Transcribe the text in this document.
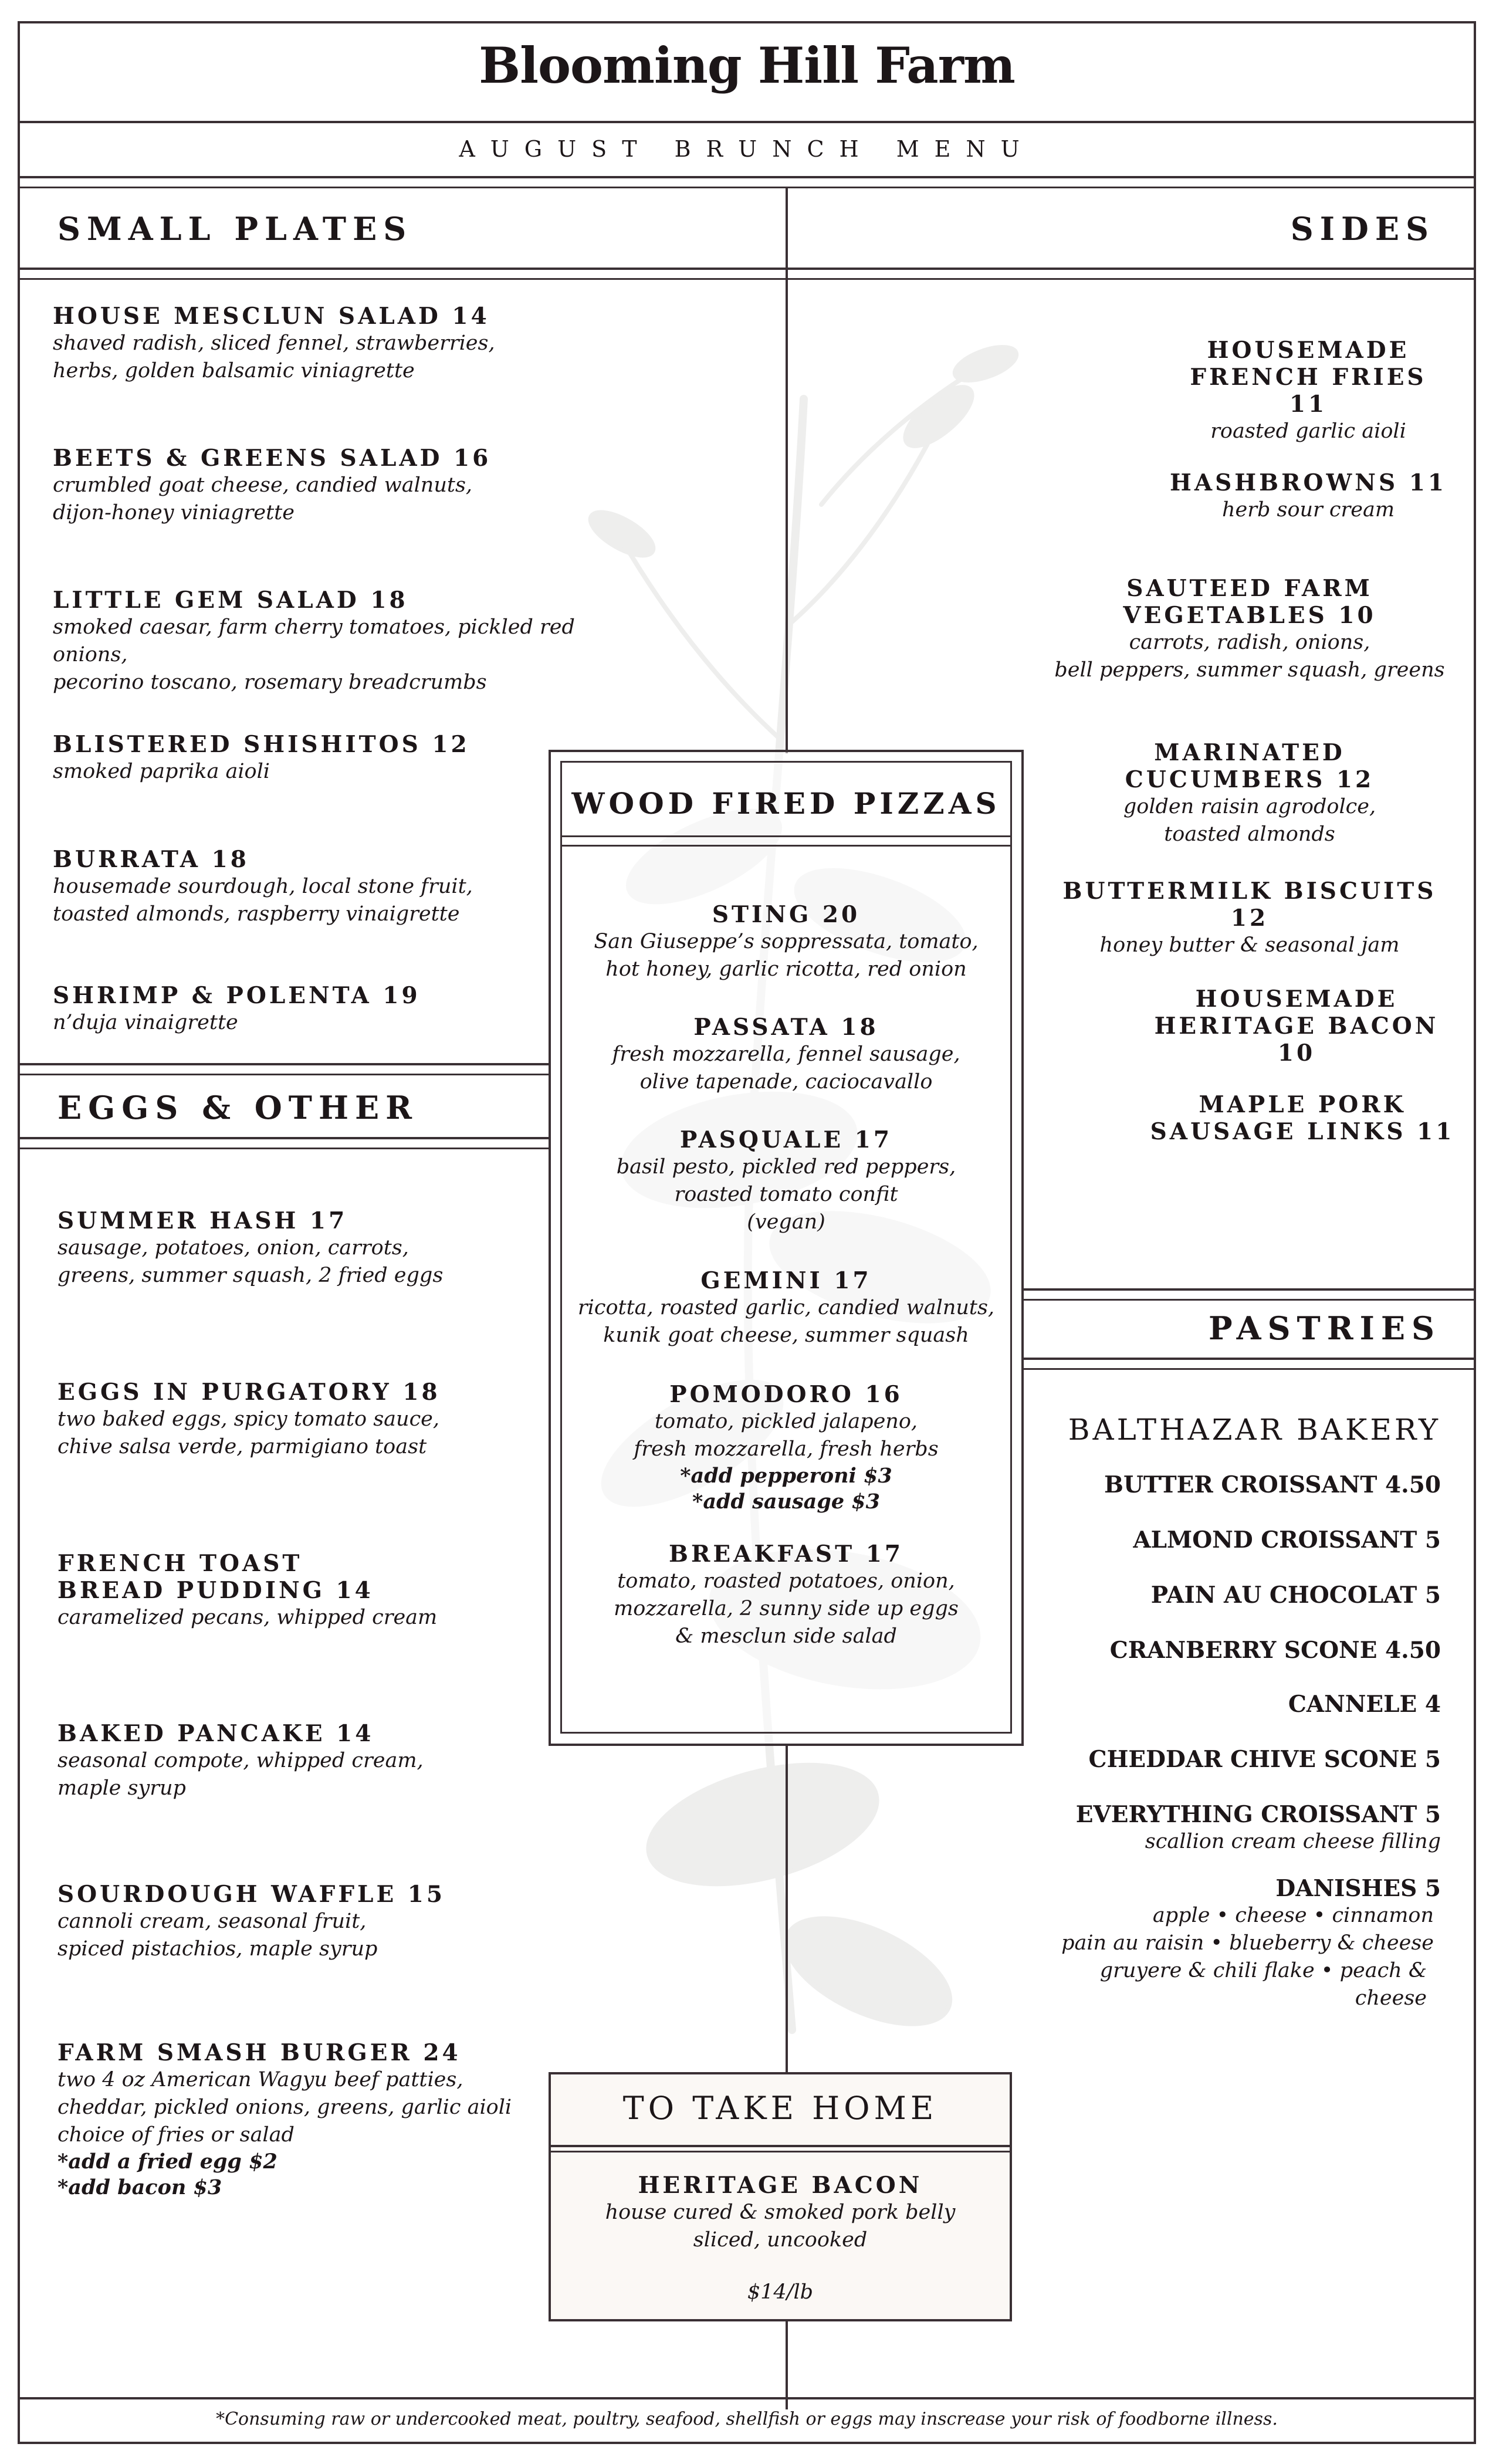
Blooming Hill Farm
AUGUST BRUNCH MENU
SMALL PLATES
HOUSE MESCLUN SALAD 14
shaved radish, sliced fennel, strawberries,
herbs, golden balsamic viniagrette
BEETS & GREENS SALAD 16
crumbled goat cheese, candied walnuts,
dijon-honey viniagrette
LITTLE GEM SALAD 18
smoked caesar, farm cherry tomatoes, pickled red onions,
pecorino toscano, rosemary breadcrumbs
BLISTERED SHISHITOS 12
smoked paprika aioli
BURRATA 18
housemade sourdough, local stone fruit,
toasted almonds, raspberry vinaigrette
SHRIMP & POLENTA 19
n’duja vinaigrette
EGGS & OTHER
SUMMER HASH 17
sausage, potatoes, onion, carrots,
greens, summer squash, 2 fried eggs
EGGS IN PURGATORY 18
two baked eggs, spicy tomato sauce,
chive salsa verde, parmigiano toast
FRENCH TOAST
BREAD PUDDING 14
caramelized pecans, whipped cream
BAKED PANCAKE 14
seasonal compote, whipped cream,
maple syrup
SOURDOUGH WAFFLE 15
cannoli cream, seasonal fruit,
spiced pistachios, maple syrup
FARM SMASH BURGER 24
two 4 oz American Wagyu beef patties,
cheddar, pickled onions, greens, garlic aioli
choice of fries or salad
*add a fried egg $2
*add bacon $3
SIDES
HOUSEMADE
FRENCH FRIES 11
roasted garlic aioli
HASHBROWNS 11
herb sour cream
SAUTEED FARM
VEGETABLES 10
carrots, radish, onions,
bell peppers, summer squash, greens
MARINATED CUCUMBERS 12
golden raisin agrodolce,
toasted almonds
BUTTERMILK BISCUITS 12
honey butter & seasonal jam
HOUSEMADE
HERITAGE BACON 10
MAPLE PORK
SAUSAGE LINKS 11
WOOD FIRED PIZZAS
STING 20
San Giuseppe’s soppressata, tomato,
hot honey, garlic ricotta, red onion
PASSATA 18
fresh mozzarella, fennel sausage,
olive tapenade, caciocavallo
PASQUALE 17
basil pesto, pickled red peppers,
roasted tomato confit
(vegan)
GEMINI 17
ricotta, roasted garlic, candied walnuts,
kunik goat cheese, summer squash
POMODORO 16
tomato, pickled jalapeno,
fresh mozzarella, fresh herbs
*add pepperoni $3
*add sausage $3
BREAKFAST 17
tomato, roasted potatoes, onion,
mozzarella, 2 sunny side up eggs
& mesclun side salad
PASTRIES
BALTHAZAR BAKERY
BUTTER CROISSANT 4.50
ALMOND CROISSANT 5
PAIN AU CHOCOLAT 5
CRANBERRY SCONE 4.50
CANNELE 4
CHEDDAR CHIVE SCONE 5
EVERYTHING CROISSANT 5
scallion cream cheese filling
DANISHES 5
apple • cheese • cinnamon
pain au raisin • blueberry & cheese
gruyere & chili flake • peach & cheese
TO TAKE HOME
HERITAGE BACON
house cured & smoked pork belly
sliced, uncooked
$14/lb
*Consuming raw or undercooked meat, poultry, seafood, shellfish or eggs may inscrease your risk of foodborne illness.
